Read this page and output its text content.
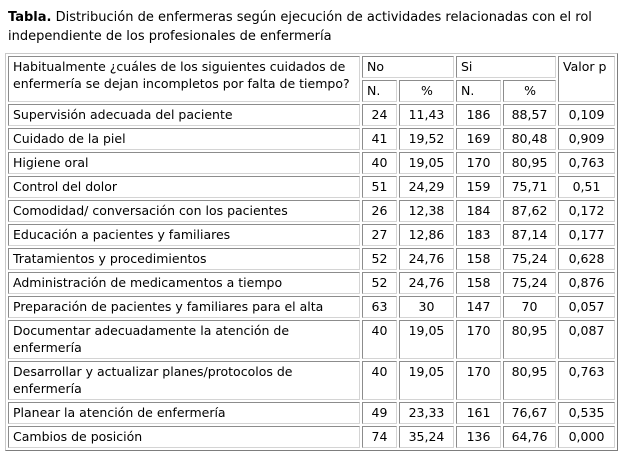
Tabla. Distribución de enfermeras según ejecución de actividades relacionadas con el rol independiente de los profesionales de enfermería
Habitualmente ¿cuáles de los siguientes cuidados de enfermería se dejan incompletos por falta de tiempo?	No		Si		Valor p
	N.	%	N.	%	
Supervisión adecuada del paciente	24	11,43	186	88,57	0,109
Cuidado de la piel	41	19,52	169	80,48	0,909
Higiene oral	40	19,05	170	80,95	0,763
Control del dolor	51	24,29	159	75,71	0,51
Comodidad/ conversación con los pacientes	26	12,38	184	87,62	0,172
Educación a pacientes y familiares	27	12,86	183	87,14	0,177
Tratamientos y procedimientos	52	24,76	158	75,24	0,628
Administración de medicamentos a tiempo	52	24,76	158	75,24	0,876
Preparación de pacientes y familiares para el alta	63	30	147	70	0,057
Documentar adecuadamente la atención de enfermería	40	19,05	170	80,95	0,087
Desarrollar y actualizar planes/protocolos de enfermería	40	19,05	170	80,95	0,763
Planear la atención de enfermería	49	23,33	161	76,67	0,535
Cambios de posición	74	35,24	136	64,76	0,000
